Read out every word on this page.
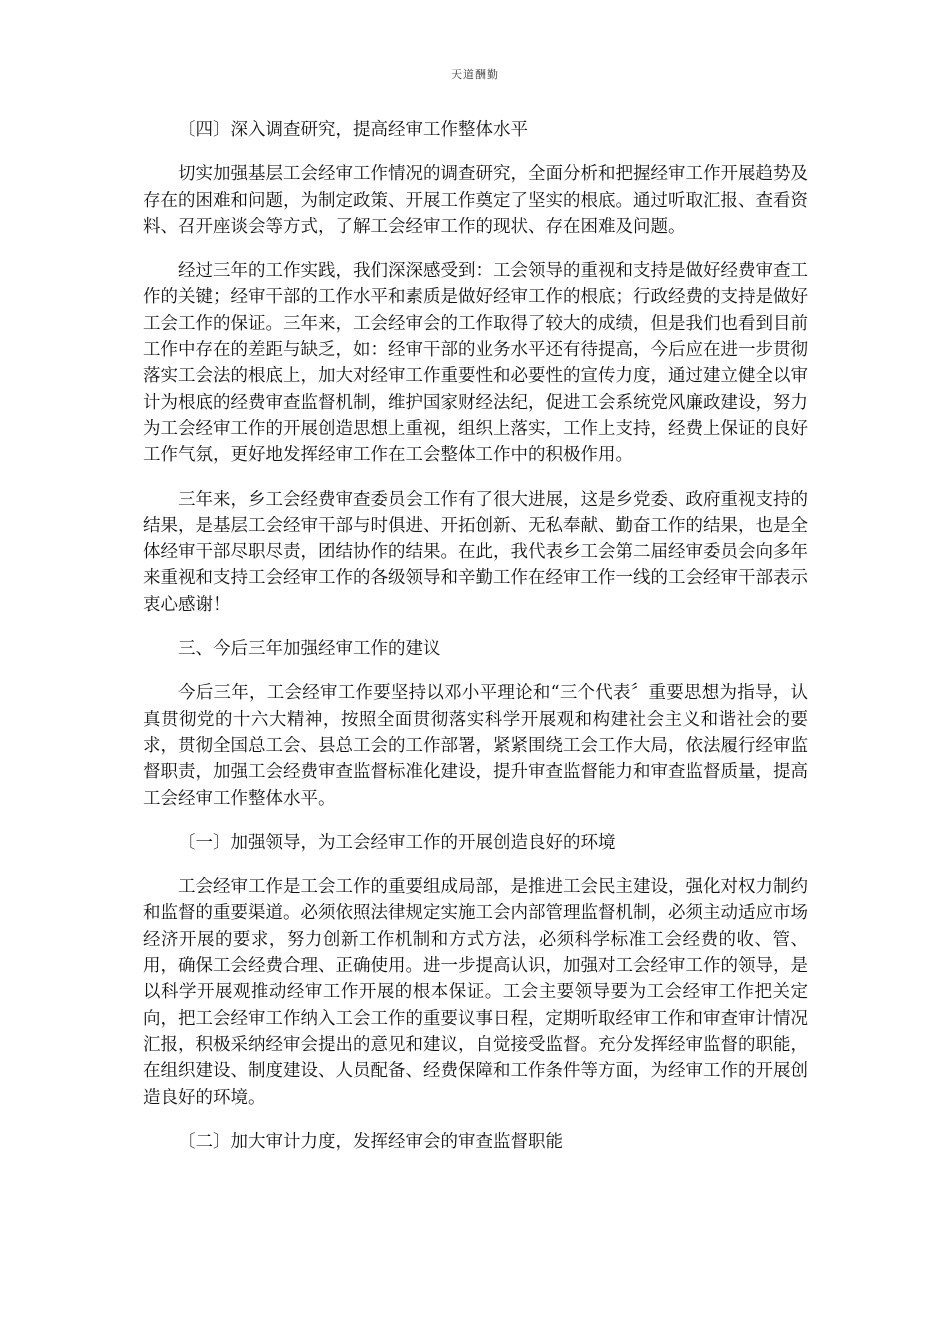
天道酬勤

〔四〕深入调查研究，提高经审工作整体水平

切实加强基层工会经审工作情况的调查研究，全面分析和把握经审工作开展趋势及存在的困难和问题，为制定政策、开展工作奠定了坚实的根底。通过听取汇报、查看资料、召开座谈会等方式，了解工会经审工作的现状、存在困难及问题。

经过三年的工作实践，我们深深感受到：工会领导的重视和支持是做好经费审查工作的关键；经审干部的工作水平和素质是做好经审工作的根底；行政经费的支持是做好工会工作的保证。三年来，工会经审会的工作取得了较大的成绩，但是我们也看到目前工作中存在的差距与缺乏，如：经审干部的业务水平还有待提高，今后应在进一步贯彻落实工会法的根底上，加大对经审工作重要性和必要性的宣传力度，通过建立健全以审计为根底的经费审查监督机制，维护国家财经法纪，促进工会系统党风廉政建设，努力为工会经审工作的开展创造思想上重视，组织上落实，工作上支持，经费上保证的良好工作气氛，更好地发挥经审工作在工会整体工作中的积极作用。

三年来，乡工会经费审查委员会工作有了很大进展，这是乡党委、政府重视支持的结果，是基层工会经审干部与时俱进、开拓创新、无私奉献、勤奋工作的结果，也是全体经审干部尽职尽责，团结协作的结果。在此，我代表乡工会第二届经审委员会向多年来重视和支持工会经审工作的各级领导和辛勤工作在经审工作一线的工会经审干部表示衷心感谢！

三、今后三年加强经审工作的建议

今后三年，工会经审工作要坚持以邓小平理论和“三个代表〞重要思想为指导，认真贯彻党的十六大精神，按照全面贯彻落实科学开展观和构建社会主义和谐社会的要求，贯彻全国总工会、县总工会的工作部署，紧紧围绕工会工作大局，依法履行经审监督职责，加强工会经费审查监督标准化建设，提升审查监督能力和审查监督质量，提高工会经审工作整体水平。

〔一〕加强领导，为工会经审工作的开展创造良好的环境

工会经审工作是工会工作的重要组成局部，是推进工会民主建设，强化对权力制约和监督的重要渠道。必须依照法律规定实施工会内部管理监督机制，必须主动适应市场经济开展的要求，努力创新工作机制和方式方法，必须科学标准工会经费的收、管、用，确保工会经费合理、正确使用。进一步提高认识，加强对工会经审工作的领导，是以科学开展观推动经审工作开展的根本保证。工会主要领导要为工会经审工作把关定向，把工会经审工作纳入工会工作的重要议事日程，定期听取经审工作和审查审计情况汇报，积极采纳经审会提出的意见和建议，自觉接受监督。充分发挥经审监督的职能，在组织建设、制度建设、人员配备、经费保障和工作条件等方面，为经审工作的开展创造良好的环境。

〔二〕加大审计力度，发挥经审会的审查监督职能
